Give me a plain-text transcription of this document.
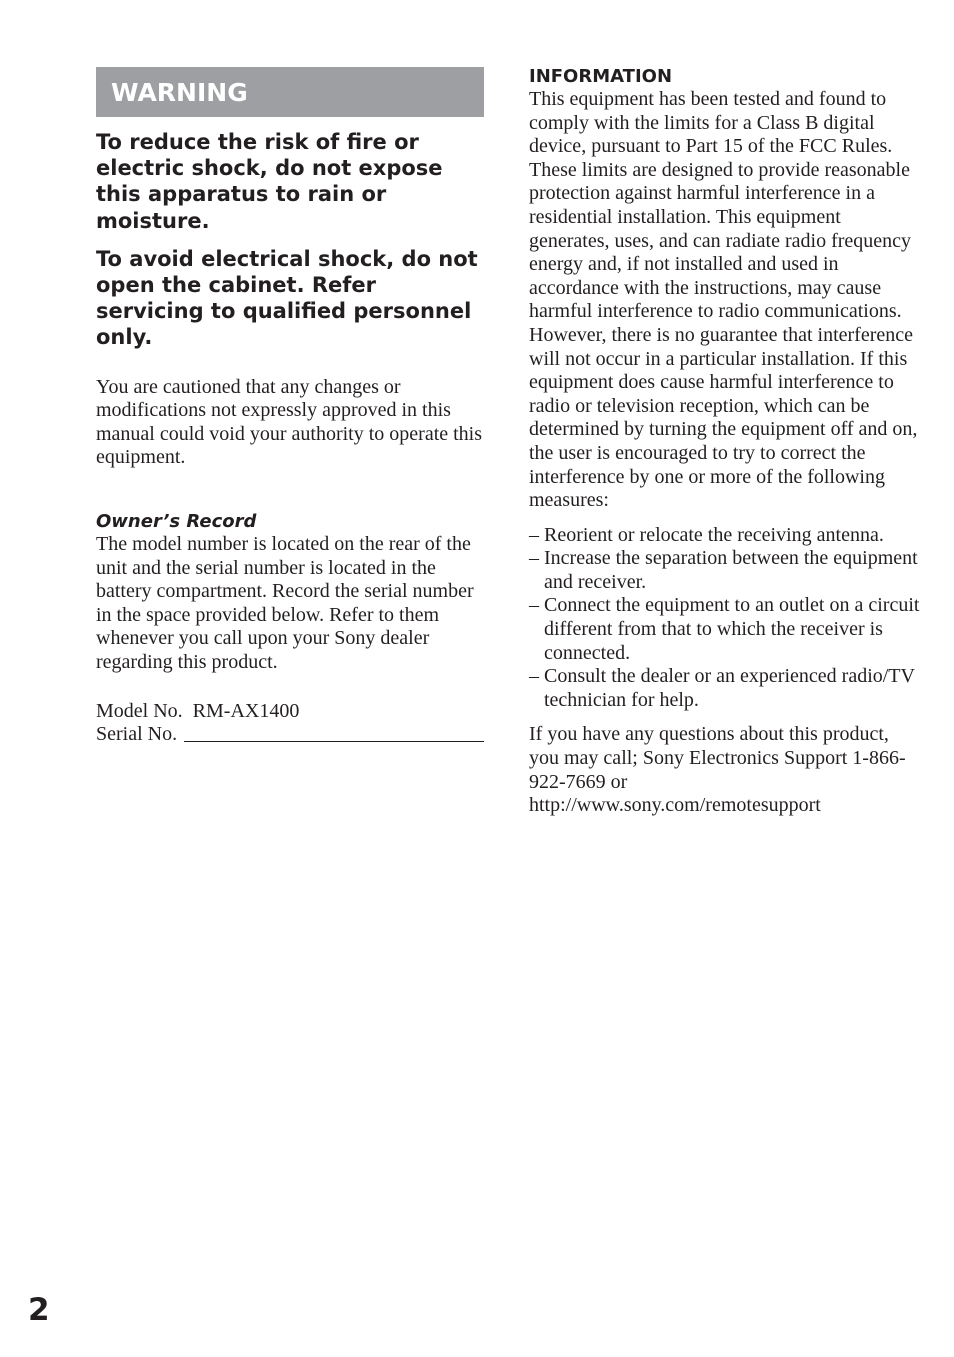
WARNING

To reduce the risk of fire or electric shock, do not expose this apparatus to rain or moisture.

To avoid electrical shock, do not open the cabinet. Refer servicing to qualified personnel only.

You are cautioned that any changes or modifications not expressly approved in this manual could void your authority to operate this equipment.

Owner’s Record

The model number is located on the rear of the unit and the serial number is located in the battery compartment. Record the serial number in the space provided below. Refer to them whenever you call upon your Sony dealer regarding this product.

Model No.  RM-AX1400
Serial No.
INFORMATION

This equipment has been tested and found to comply with the limits for a Class B digital device, pursuant to Part 15 of the FCC Rules. These limits are designed to provide reasonable protection against harmful interference in a residential installation. This equipment generates, uses, and can radiate radio frequency energy and, if not installed and used in accordance with the instructions, may cause harmful interference to radio communications. However, there is no guarantee that interference will not occur in a particular installation. If this equipment does cause harmful interference to radio or television reception, which can be determined by turning the equipment off and on, the user is encouraged to try to correct the interference by one or more of the following measures:

– Reorient or relocate the receiving antenna.
– Increase the separation between the equipment and receiver.
– Connect the equipment to an outlet on a circuit different from that to which the receiver is connected.
– Consult the dealer or an experienced radio/TV technician for help.

If you have any questions about this product, you may call; Sony Electronics Support 1-866-922-7669 or http://www.sony.com/remotesupport

2
